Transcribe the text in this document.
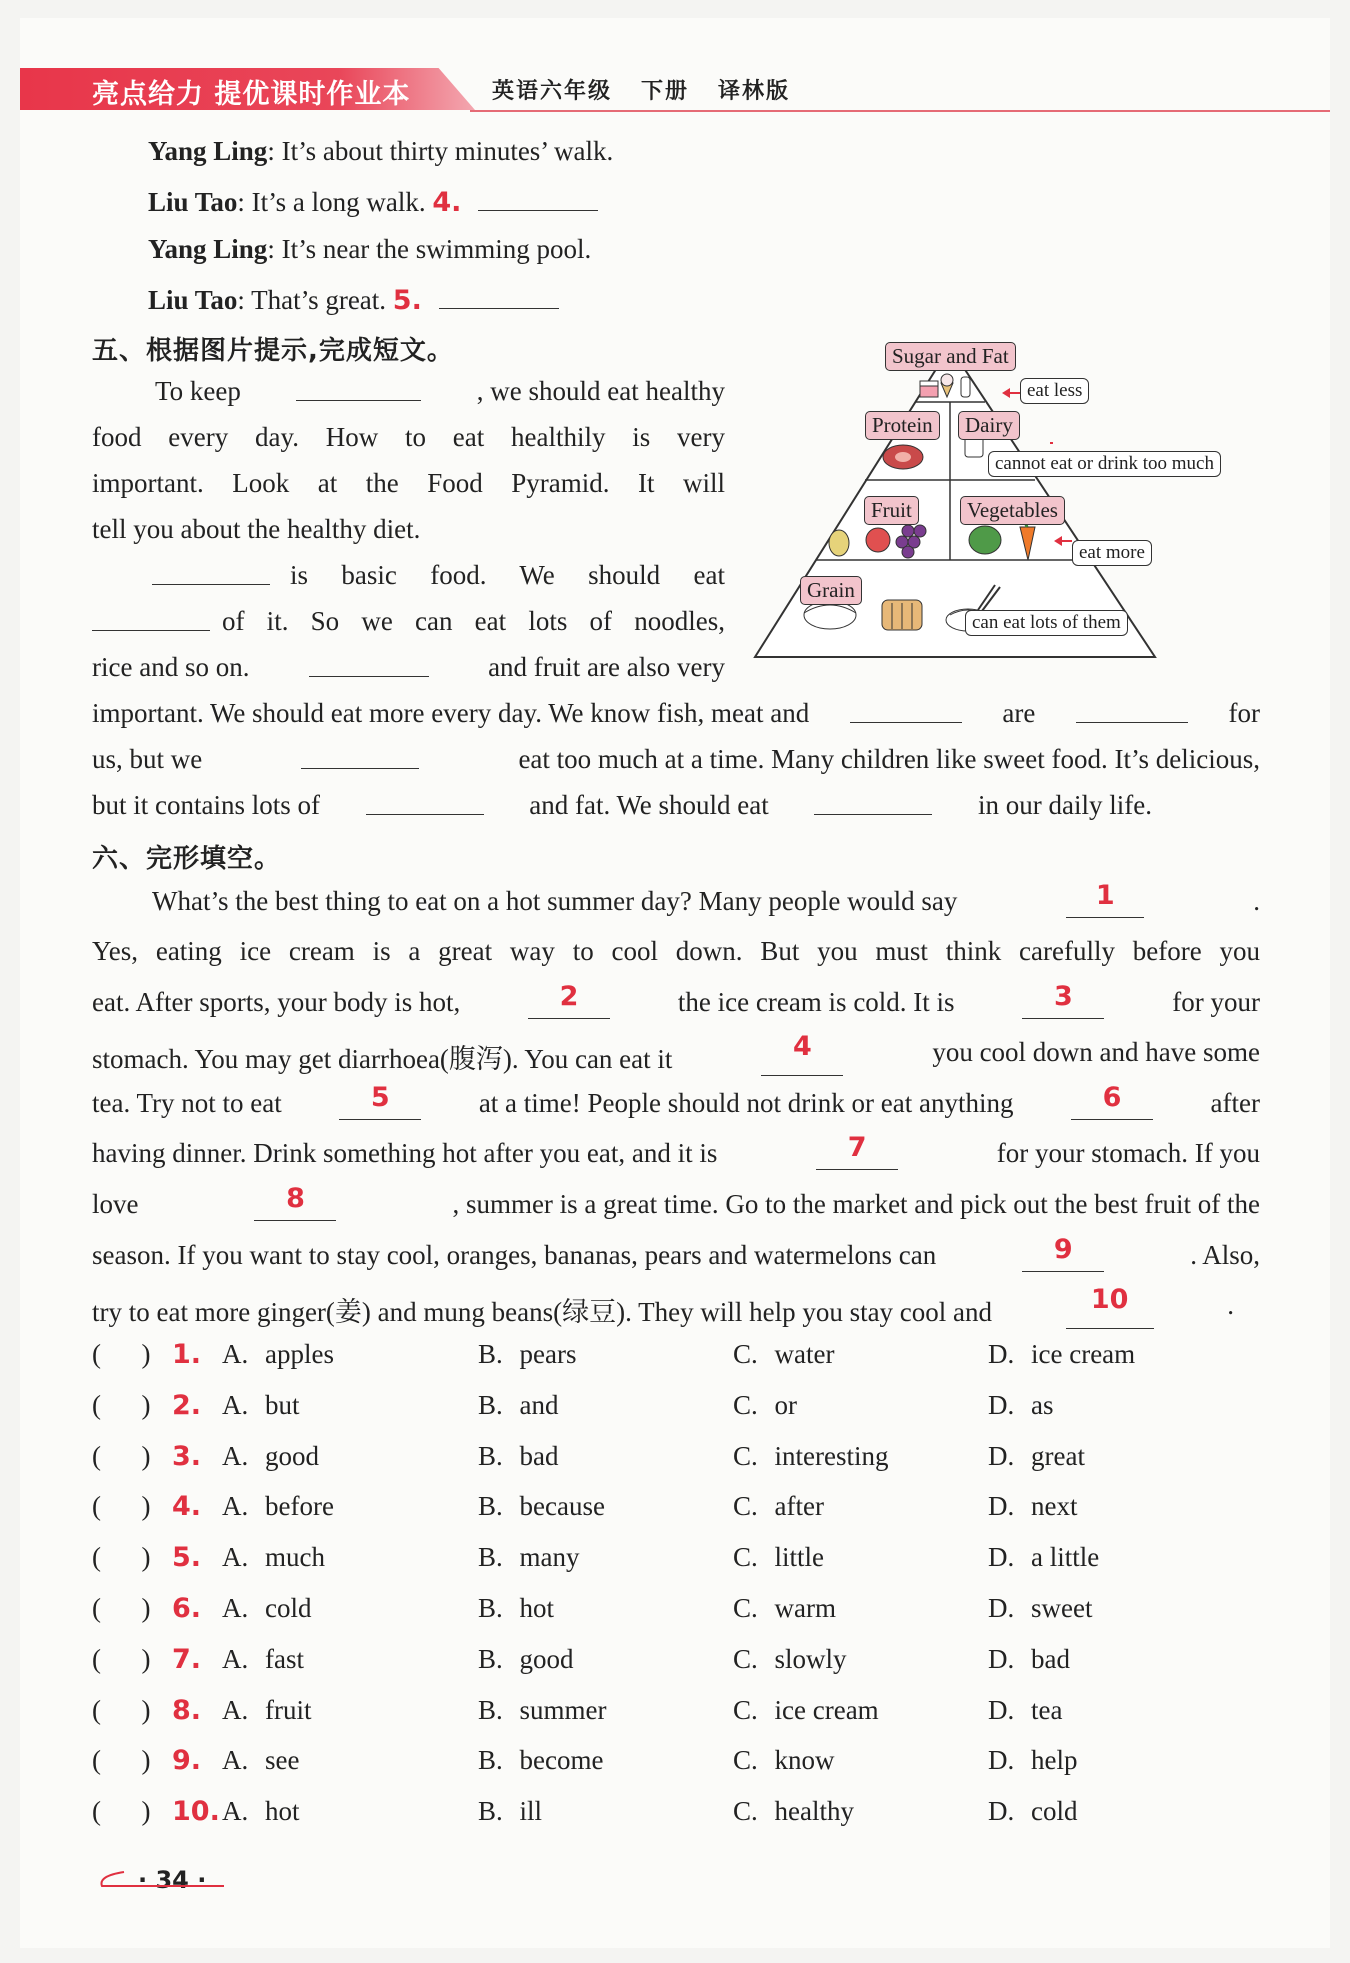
亮点给力 提优课时作业本	英语六年级   下册   译林版
Yang Ling: It’s about thirty minutes’ walk.
Liu Tao: It’s a long walk. 4.
Yang Ling: It’s near the swimming pool.
Liu Tao: That’s great. 5.
五、根据图片提示,完成短文。
To keep	, we should eat healthy
food every day. How to eat healthily is very
important. Look at the Food Pyramid. It will
tell you about the healthy diet.
is basic food. We should eat
of it. So we can eat lots of noodles,
rice and so on.	and fruit are also very
important. We should eat more every day. We know fish, meat and	are	for
us, but we	eat too much at a time. Many children like sweet food. It’s delicious,
but it contains lots of	and fat. We should eat	in our daily life.
Sugar and Fat
Protein	Dairy
Fruit	Vegetables
Grain
eat less
cannot eat or drink too much
eat more
can eat lots of them
六、完形填空。
What’s the best thing to eat on a hot summer day? Many people would say	1	.
Yes, eating ice cream is a great way to cool down. But you must think carefully before you
eat. After sports, your body is hot,	2	the ice cream is cold. It is	3	for your
stomach. You may get diarrhoea(腹泻). You can eat it	4	you cool down and have some
tea. Try not to eat	5	at a time! People should not drink or eat anything	6	after
having dinner. Drink something hot after you eat, and it is	7	for your stomach. If you
love	8	, summer is a great time. Go to the market and pick out the best fruit of the
season. If you want to stay cool, oranges, bananas, pears and watermelons can	9	. Also,
try to eat more ginger(姜) and mung beans(绿豆). They will help you stay cool and	10	.
(      ) 1. A. apples	B. pears	C. water	D. ice cream
(      ) 2. A. but	B. and	C. or	D. as
(      ) 3. A. good	B. bad	C. interesting	D. great
(      ) 4. A. before	B. because	C. after	D. next
(      ) 5. A. much	B. many	C. little	D. a little
(      ) 6. A. cold	B. hot	C. warm	D. sweet
(      ) 7. A. fast	B. good	C. slowly	D. bad
(      ) 8. A. fruit	B. summer	C. ice cream	D. tea
(      ) 9. A. see	B. become	C. know	D. help
(      ) 10. A. hot	B. ill	C. healthy	D. cold
· 34 ·
